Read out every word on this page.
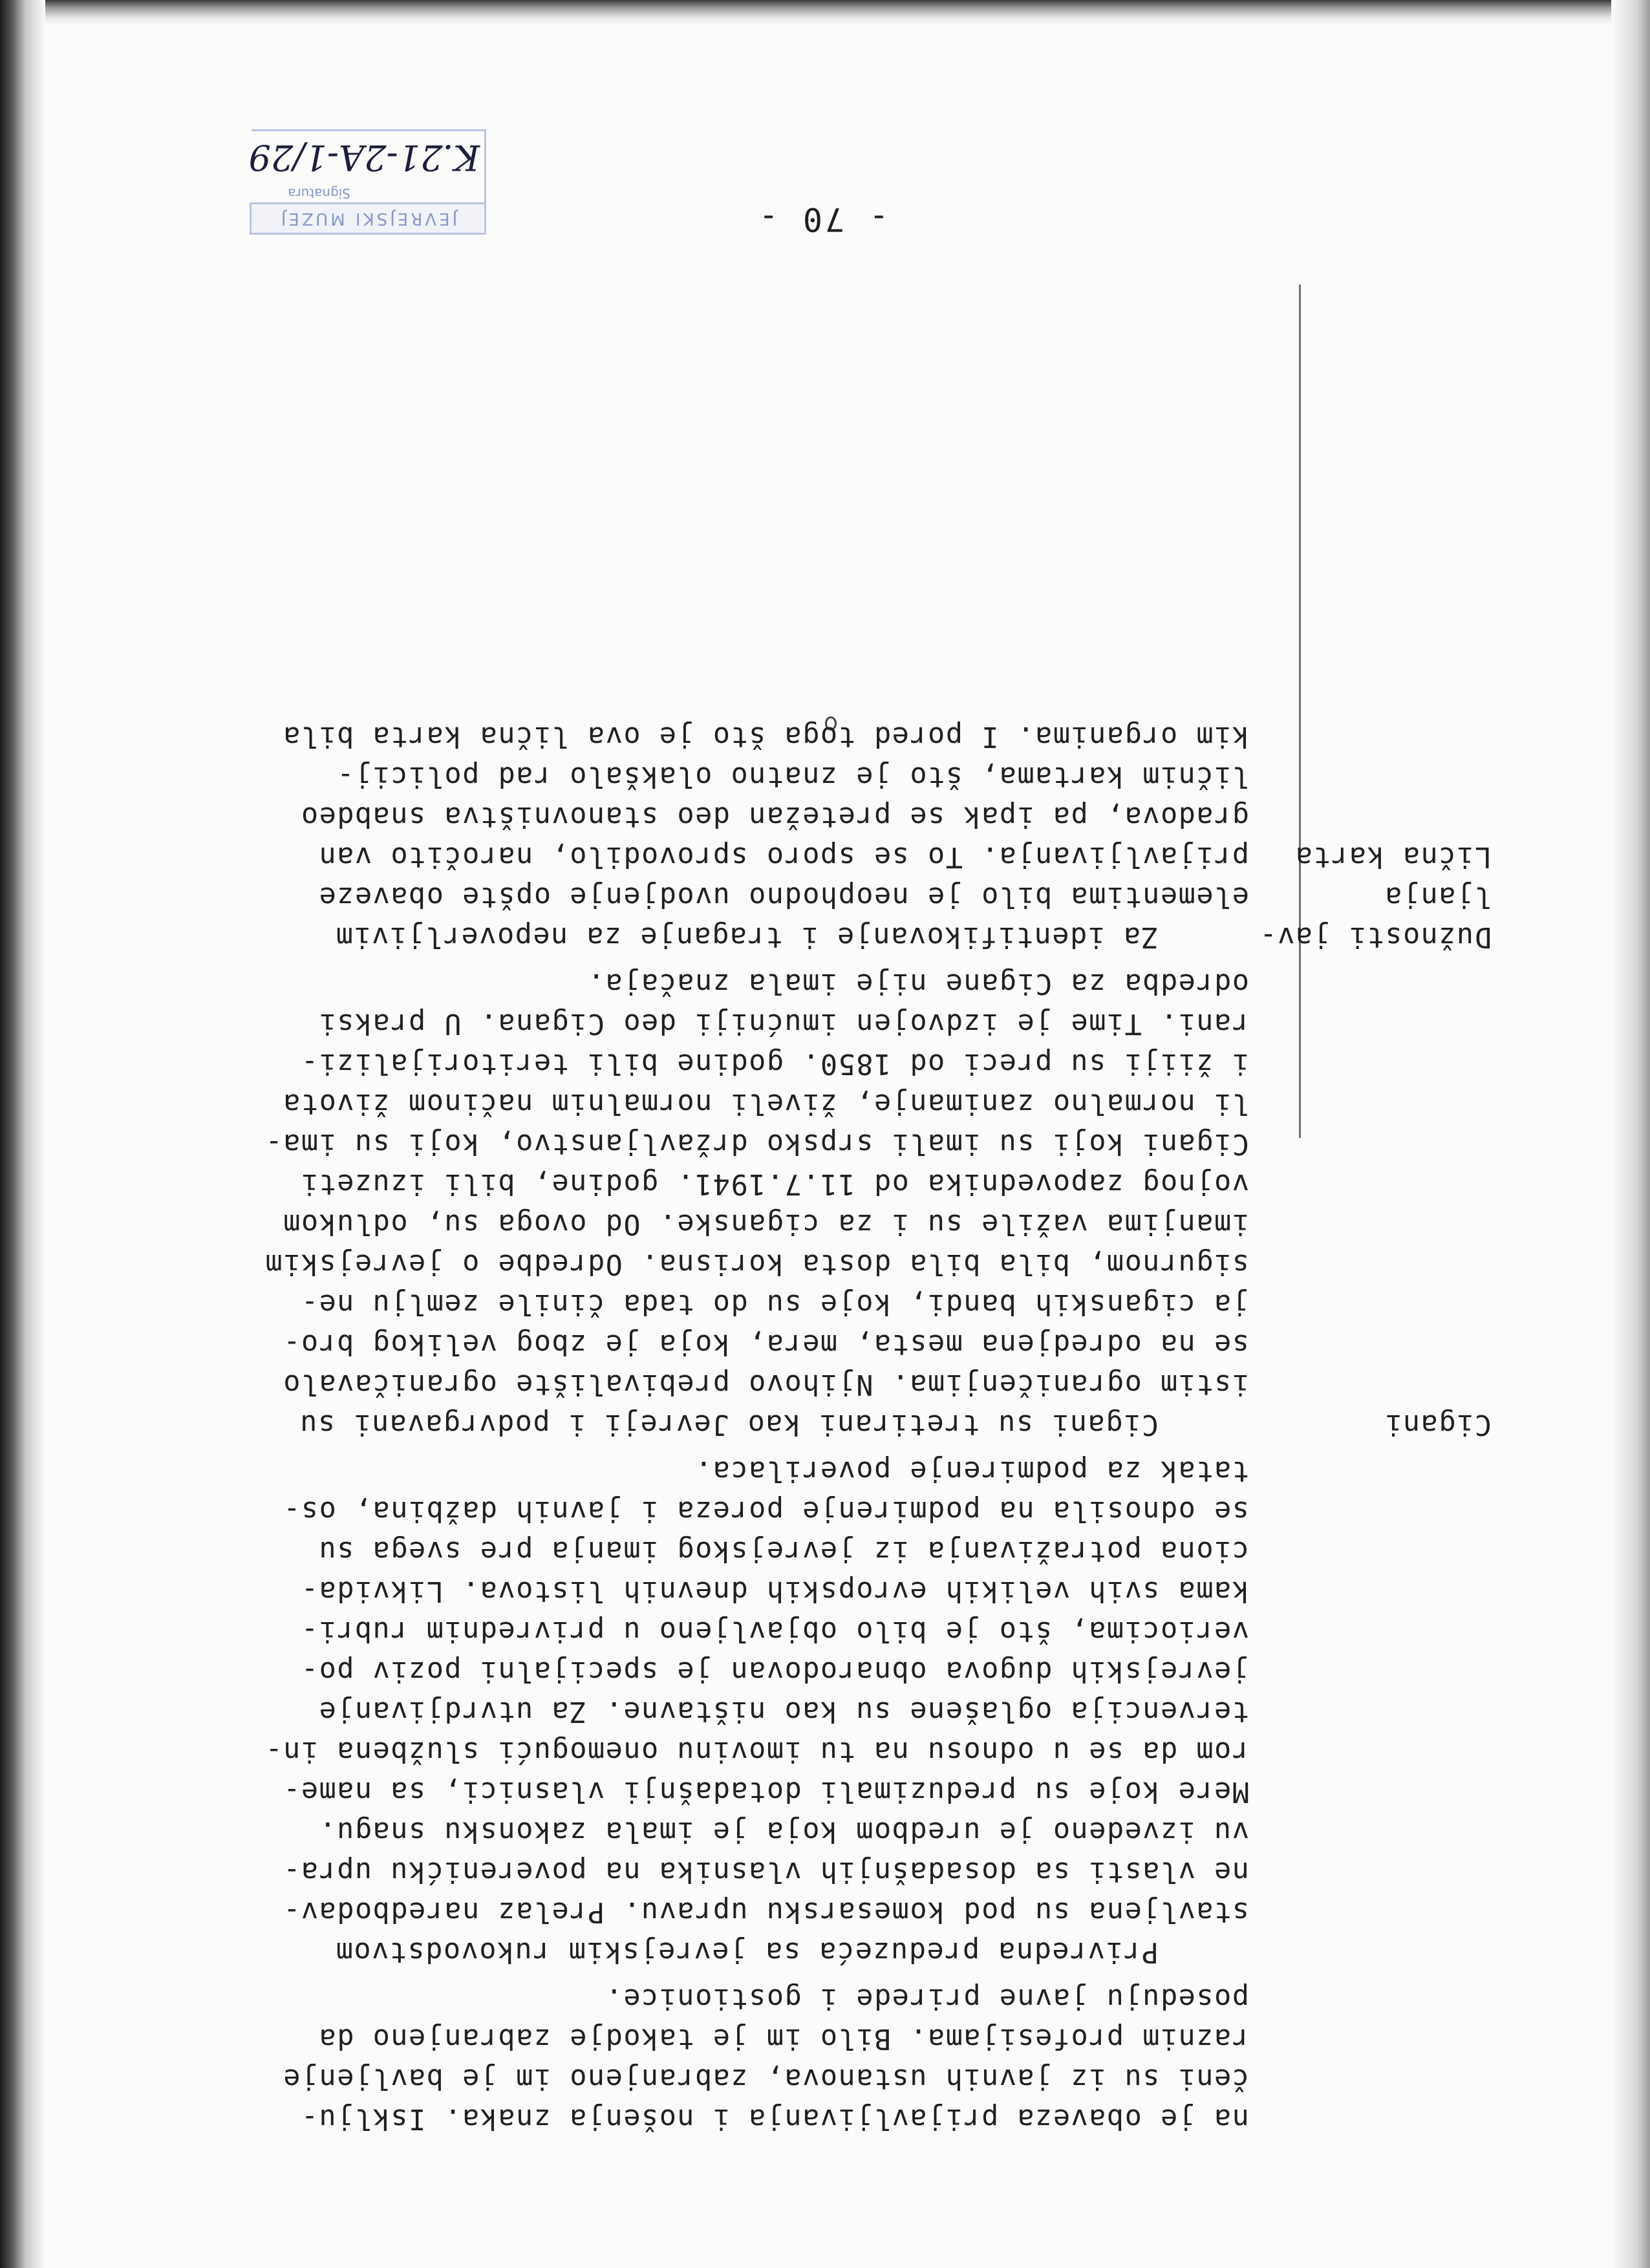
- 70 -
JEVREJSKI MUZEJ
Signatura
K.21-2A-1/29
na je obaveza prijavljivanja i nošenja znaka. Isklju-
čeni su iz javnih ustanova, zabranjeno im je bavljenje
raznim profesijama. Bilo im je takodje zabranjeno da
poseduju javne prirede i gostionice.
Privredna preduzeća sa jevrejskim rukovodstvom
stavljena su pod komesarsku upravu. Prelaz naredbodav-
ne vlasti sa dosadašnjih vlasnika na poverenićku upra-
vu izvedeno je uredbom koja je imala zakonsku snagu.
Mere koje su preduzimali dotadašnji vlasnici, sa name-
rom da se u odnosu na tu imovinu onemogući službena in-
tervencija oglašene su kao ništavne. Za utvrdjivanje
jevrejskih dugova obnarodovan je specijalni poziv po-
veriocima, što je bilo objavljeno u privrednim rubri-
kama svih velikih evropskih dnevnih listova. Likvida-
ciona potraživanja iz jevrejskog imanja pre svega su
se odnosila na podmirenje poreza i javnih dažbina, os-
tatak za podmirenje poverilaca.
Cigani su tretirani kao Jevreji i podvrgavani su
istim ograničenjima. Njihovo prebivalište ograničavalo
se na odredjena mesta, mera, koja je zbog velikog bro-
ja ciganskih bandi, koje su do tada činile zemlju ne-
sigurnom, bila bila dosta korisna. Odredbe o jevrejskim
imanjima važile su i za ciganske. Od ovoga su, odlukom
vojnog zapovednika od 11.7.1941. godine, bili izuzeti
Cigani koji su imali srpsko državljanstvo, koji su ima-
li normalno zanimanje, živeli normalnim načinom života
i žiiji su preci od 1850. godine bili teritorijalizi-
rani. Time je izdvojen imućniji deo Cigana. U praksi
odredba za Cigane nije imala značaja.
Za identifikovanje i traganje za nepoverljivim
elementima bilo je neophodno uvodjenje opšte obaveze
prijavljivanja. To se sporo sprovodilo, naročito van
gradova, pa ipak se pretežan deo stanovništva snabdeo
ličnim kartama, što je znatno olakšalo rad policij-
kim organima. I pored toga što je ova lična karta bila
Cigani
Dužnosti jav-
ljanja
Lična karta
